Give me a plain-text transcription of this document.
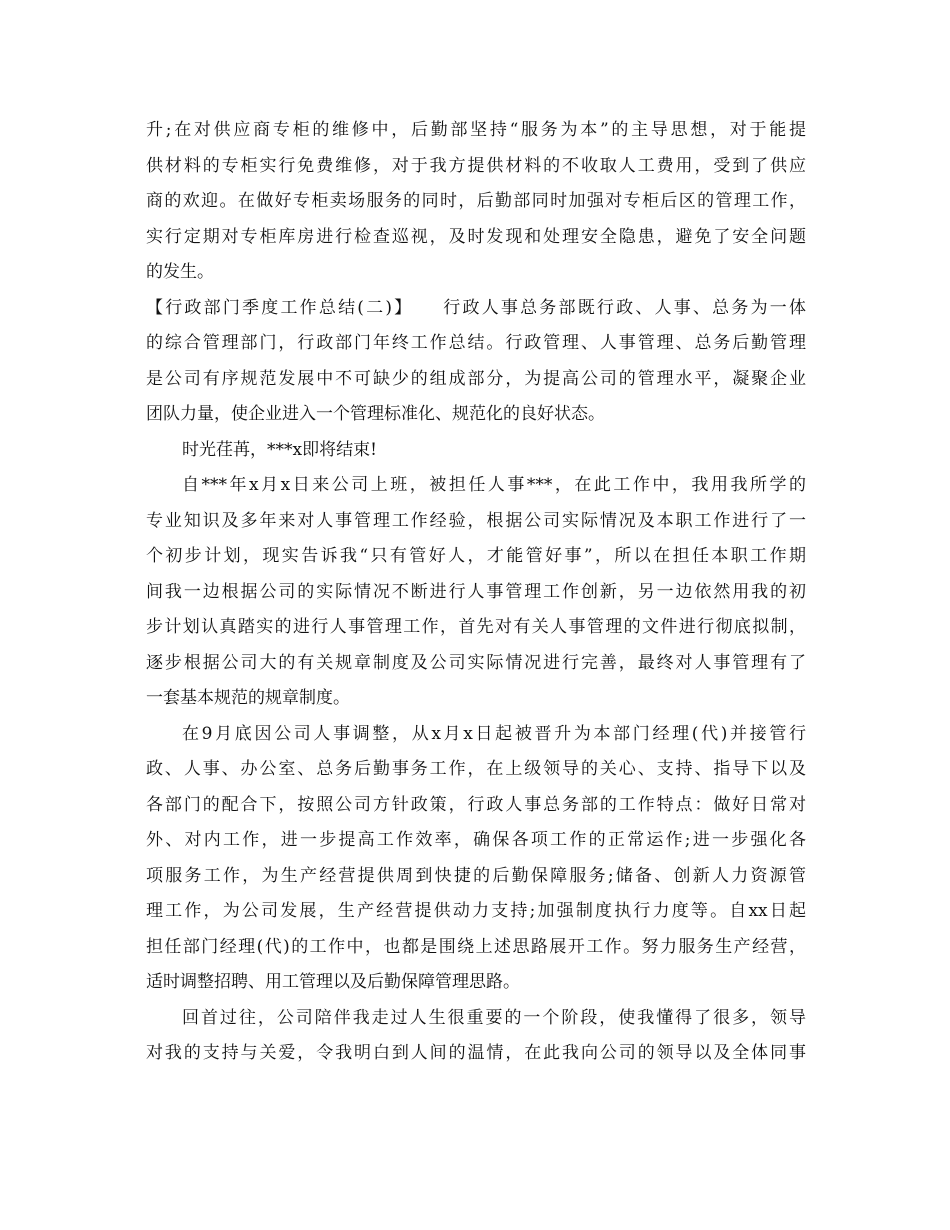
升;在对供应商专柜的维修中，后勤部坚持“服务为本”的主导思想，对于能提
供材料的专柜实行免费维修，对于我方提供材料的不收取人工费用，受到了供应
商的欢迎。在做好专柜卖场服务的同时，后勤部同时加强对专柜后区的管理工作，
实行定期对专柜库房进行检查巡视，及时发现和处理安全隐患，避免了安全问题
的发生。
【行政部门季度工作总结(二)】　　行政人事总务部既行政、人事、总务为一体
的综合管理部门，行政部门年终工作总结。行政管理、人事管理、总务后勤管理
是公司有序规范发展中不可缺少的组成部分，为提高公司的管理水平，凝聚企业
团队力量，使企业进入一个管理标准化、规范化的良好状态。
时光荏苒，***x即将结束!
自***年x月x日来公司上班，被担任人事***，在此工作中，我用我所学的
专业知识及多年来对人事管理工作经验，根据公司实际情况及本职工作进行了一
个初步计划，现实告诉我“只有管好人，才能管好事”，所以在担任本职工作期
间我一边根据公司的实际情况不断进行人事管理工作创新，另一边依然用我的初
步计划认真踏实的进行人事管理工作，首先对有关人事管理的文件进行彻底拟制，
逐步根据公司大的有关规章制度及公司实际情况进行完善，最终对人事管理有了
一套基本规范的规章制度。
在9月底因公司人事调整，从x月x日起被晋升为本部门经理(代)并接管行
政、人事、办公室、总务后勤事务工作，在上级领导的关心、支持、指导下以及
各部门的配合下，按照公司方针政策，行政人事总务部的工作特点：做好日常对
外、对内工作，进一步提高工作效率，确保各项工作的正常运作;进一步强化各
项服务工作，为生产经营提供周到快捷的后勤保障服务;储备、创新人力资源管
理工作，为公司发展，生产经营提供动力支持;加强制度执行力度等。自xx日起
担任部门经理(代)的工作中，也都是围绕上述思路展开工作。努力服务生产经营，
适时调整招聘、用工管理以及后勤保障管理思路。
回首过往，公司陪伴我走过人生很重要的一个阶段，使我懂得了很多，领导
对我的支持与关爱，令我明白到人间的温情，在此我向公司的领导以及全体同事
